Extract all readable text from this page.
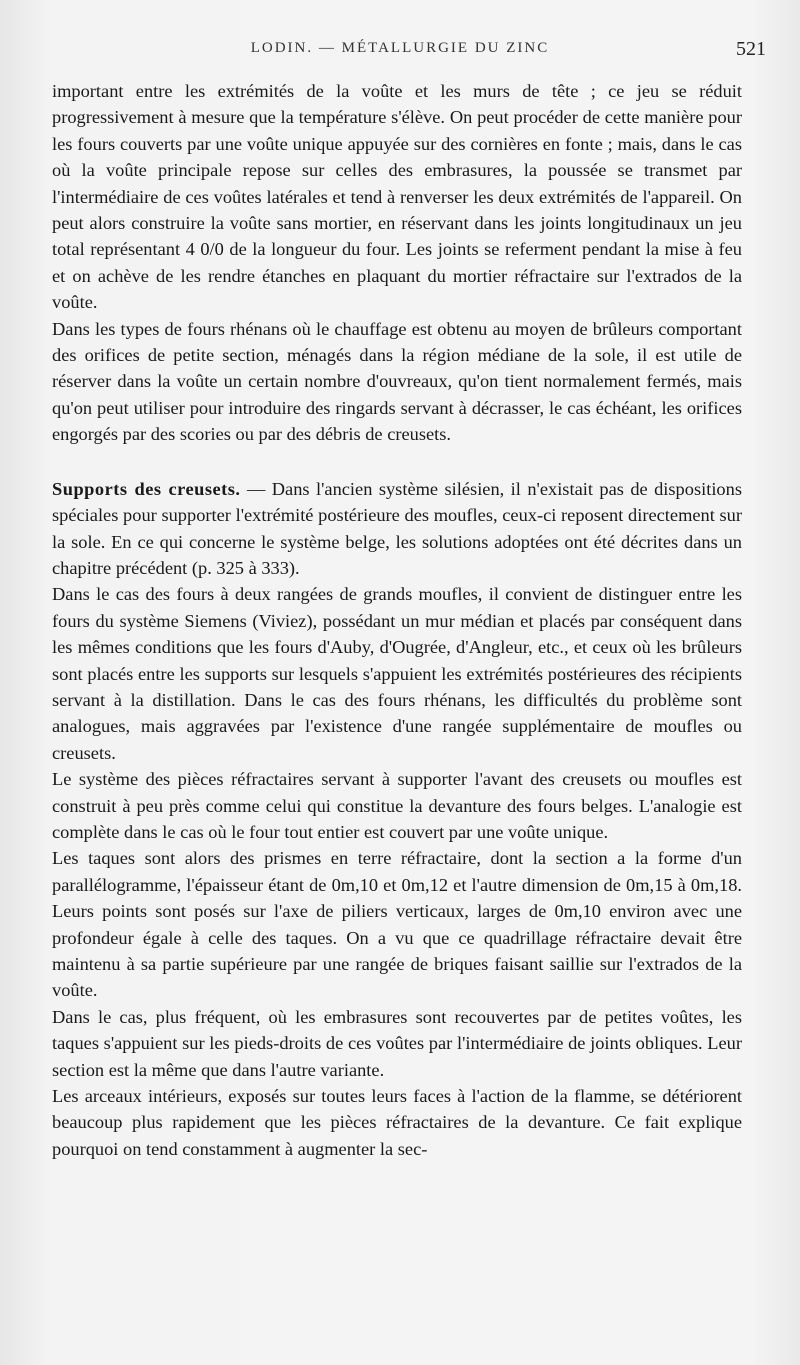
LODIN. — MÉTALLURGIE DU ZINC	521

important entre les extrémités de la voûte et les murs de tête ; ce jeu se réduit progressivement à mesure que la température s'élève. On peut procéder de cette manière pour les fours couverts par une voûte unique appuyée sur des cornières en fonte ; mais, dans le cas où la voûte principale repose sur celles des embrasures, la poussée se transmet par l'intermédiaire de ces voûtes latérales et tend à renverser les deux extrémités de l'appareil. On peut alors construire la voûte sans mortier, en réservant dans les joints longitudinaux un jeu total représentant 4 0/0 de la longueur du four. Les joints se referment pendant la mise à feu et on achève de les rendre étanches en plaquant du mortier réfractaire sur l'extrados de la voûte.

Dans les types de fours rhénans où le chauffage est obtenu au moyen de brûleurs comportant des orifices de petite section, ménagés dans la région médiane de la sole, il est utile de réserver dans la voûte un certain nombre d'ouvreaux, qu'on tient normalement fermés, mais qu'on peut utiliser pour introduire des ringards servant à décrasser, le cas échéant, les orifices engorgés par des scories ou par des débris de creusets.

Supports des creusets. — Dans l'ancien système silésien, il n'existait pas de dispositions spéciales pour supporter l'extrémité postérieure des moufles, ceux-ci reposent directement sur la sole. En ce qui concerne le système belge, les solutions adoptées ont été décrites dans un chapitre précédent (p. 325 à 333).

Dans le cas des fours à deux rangées de grands moufles, il convient de distinguer entre les fours du système Siemens (Viviez), possédant un mur médian et placés par conséquent dans les mêmes conditions que les fours d'Auby, d'Ougrée, d'Angleur, etc., et ceux où les brûleurs sont placés entre les supports sur lesquels s'appuient les extrémités postérieures des récipients servant à la distillation. Dans le cas des fours rhénans, les difficultés du problème sont analogues, mais aggravées par l'existence d'une rangée supplémentaire de moufles ou creusets.

Le système des pièces réfractaires servant à supporter l'avant des creusets ou moufles est construit à peu près comme celui qui constitue la devanture des fours belges. L'analogie est complète dans le cas où le four tout entier est couvert par une voûte unique.

Les taques sont alors des prismes en terre réfractaire, dont la section a la forme d'un parallélogramme, l'épaisseur étant de 0m,10 et 0m,12 et l'autre dimension de 0m,15 à 0m,18. Leurs points sont posés sur l'axe de piliers verticaux, larges de 0m,10 environ avec une profondeur égale à celle des taques. On a vu que ce quadrillage réfractaire devait être maintenu à sa partie supérieure par une rangée de briques faisant saillie sur l'extrados de la voûte.

Dans le cas, plus fréquent, où les embrasures sont recouvertes par de petites voûtes, les taques s'appuient sur les pieds-droits de ces voûtes par l'intermédiaire de joints obliques. Leur section est la même que dans l'autre variante.

Les arceaux intérieurs, exposés sur toutes leurs faces à l'action de la flamme, se détériorent beaucoup plus rapidement que les pièces réfractaires de la devanture. Ce fait explique pourquoi on tend constamment à augmenter la sec-
